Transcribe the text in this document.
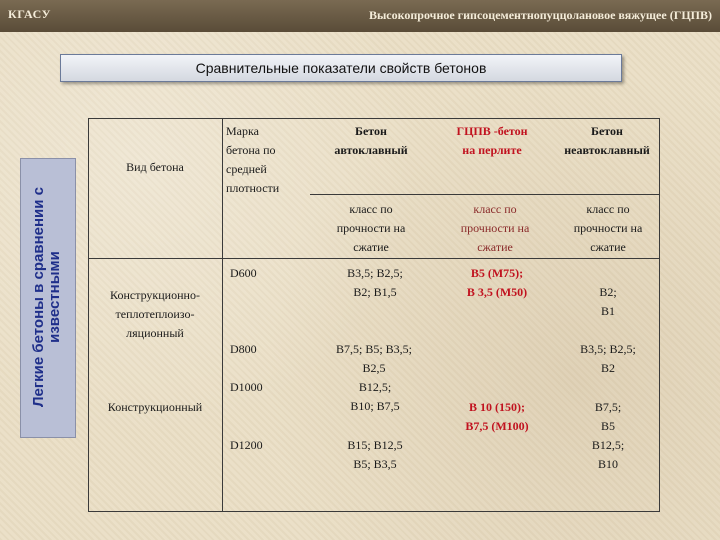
КГАСУ	Высокопрочное гипсоцементнопуццолановое вяжущее (ГЦПВ)
Сравнительные показатели свойств бетонов
Легкие бетоны в сравнении с известными
Вид бетона
Марка бетона по средней плотности
Бетон автоклавный
ГЦПВ -бетон на перлите
Бетон неавтоклавный
класс по прочности на сжатие
класс по прочности на сжатие
класс по прочности на сжатие
Конструкционно-теплотеплоизо-ляционный
Конструкционный
D600
D800
D1000
D1200
В3,5; В2,5; В2; В1,5
В7,5; В5; В3,5; В2,5
В12,5; В10; В7,5
В15; В12,5 В5; В3,5
В5 (М75);
В 3,5 (М50)
В 10 (150);
В7,5 (М100)
В2;
В1
В3,5; В2,5;
В2
В7,5;
В5
В12,5;
В10
